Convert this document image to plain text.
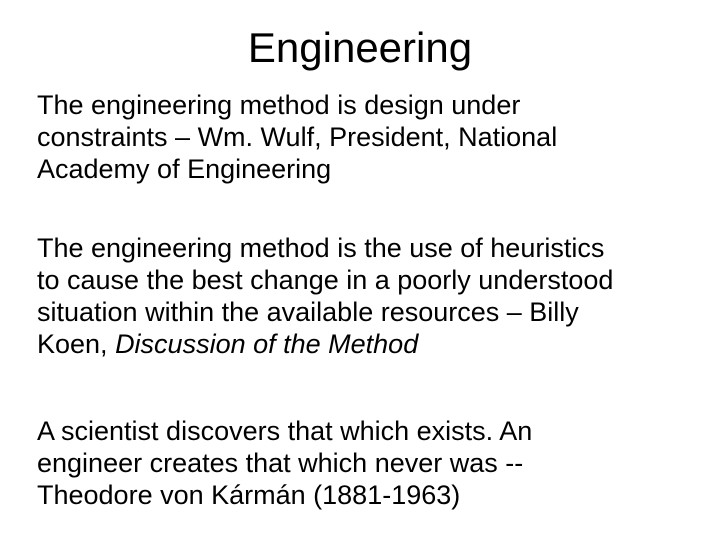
Engineering

The engineering method is design under
constraints – Wm. Wulf, President, National
Academy of Engineering

The engineering method is the use of heuristics
to cause the best change in a poorly understood
situation within the available resources – Billy
Koen, Discussion of the Method

A scientist discovers that which exists. An
engineer creates that which never was --
Theodore von Kármán (1881-1963)
